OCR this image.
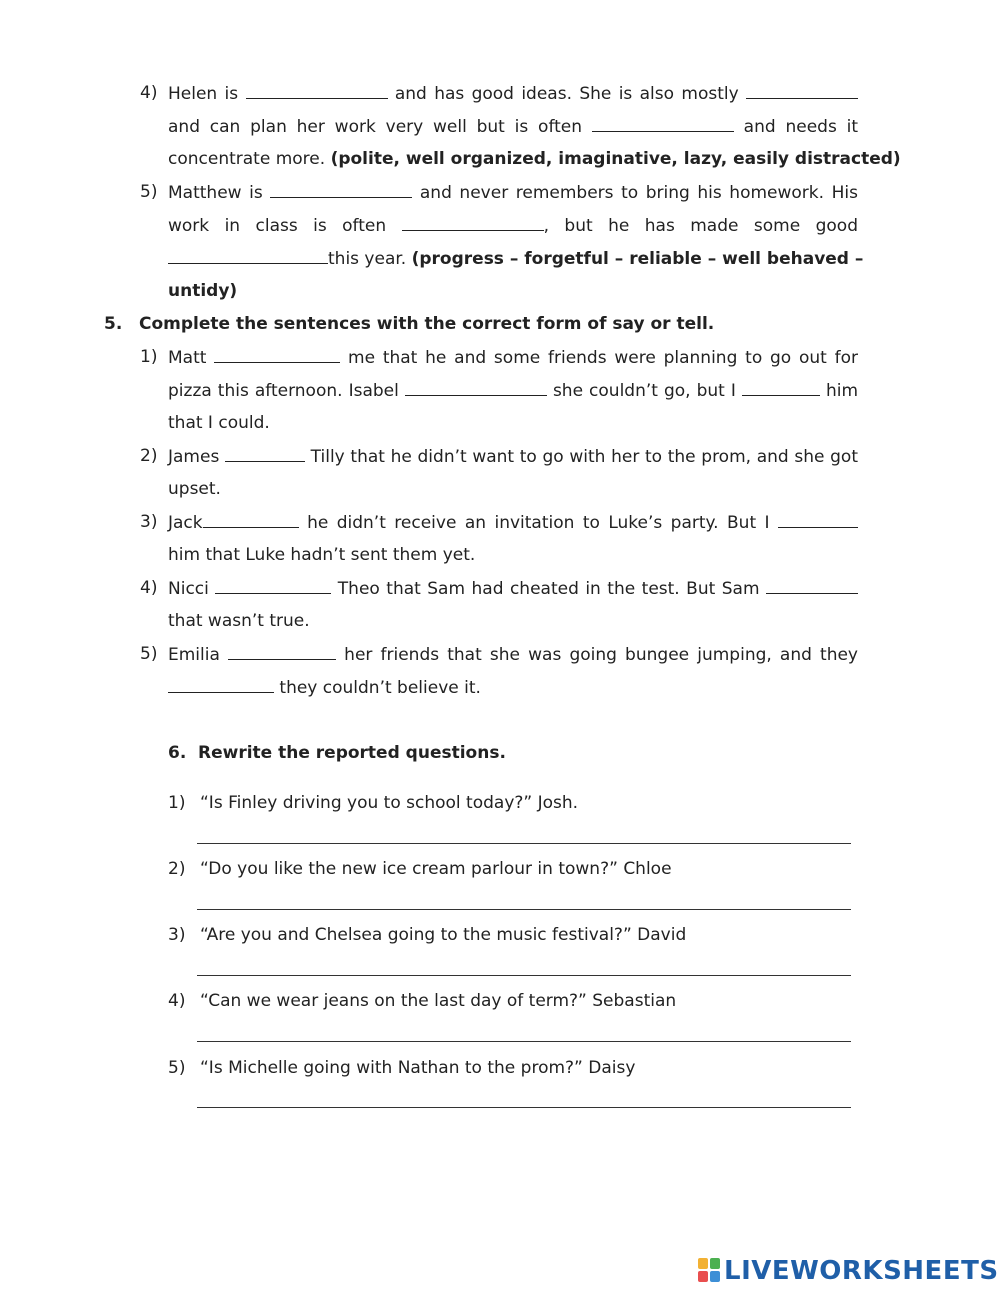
4) Helen is	and has good ideas. She is also mostly
and can plan her work very well but is often	and needs it
concentrate more. (polite, well organized, imaginative, lazy, easily distracted)
5) Matthew is	and never remembers to bring his homework. His
work in class is often	, but he has made some good
this year. (progress – forgetful – reliable – well behaved –
untidy)
5. Complete the sentences with the correct form of say or tell.
1) Matt	me that he and some friends were planning to go out for
pizza this afternoon. Isabel	she couldn’t go, but I	him
that I could.
2) James	Tilly that he didn’t want to go with her to the prom, and she got
upset.
3) Jack	he didn’t receive an invitation to Luke’s party. But I
him that Luke hadn’t sent them yet.
4) Nicci	Theo that Sam had cheated in the test. But Sam
that wasn’t true.
5) Emilia	her friends that she was going bungee jumping, and they
they couldn’t believe it.
6. Rewrite the reported questions.
1) “Is Finley driving you to school today?” Josh.
2) “Do you like the new ice cream parlour in town?” Chloe
3) “Are you and Chelsea going to the music festival?” David
4) “Can we wear jeans on the last day of term?” Sebastian
5) “Is Michelle going with Nathan to the prom?” Daisy
LIVEWORKSHEETS
